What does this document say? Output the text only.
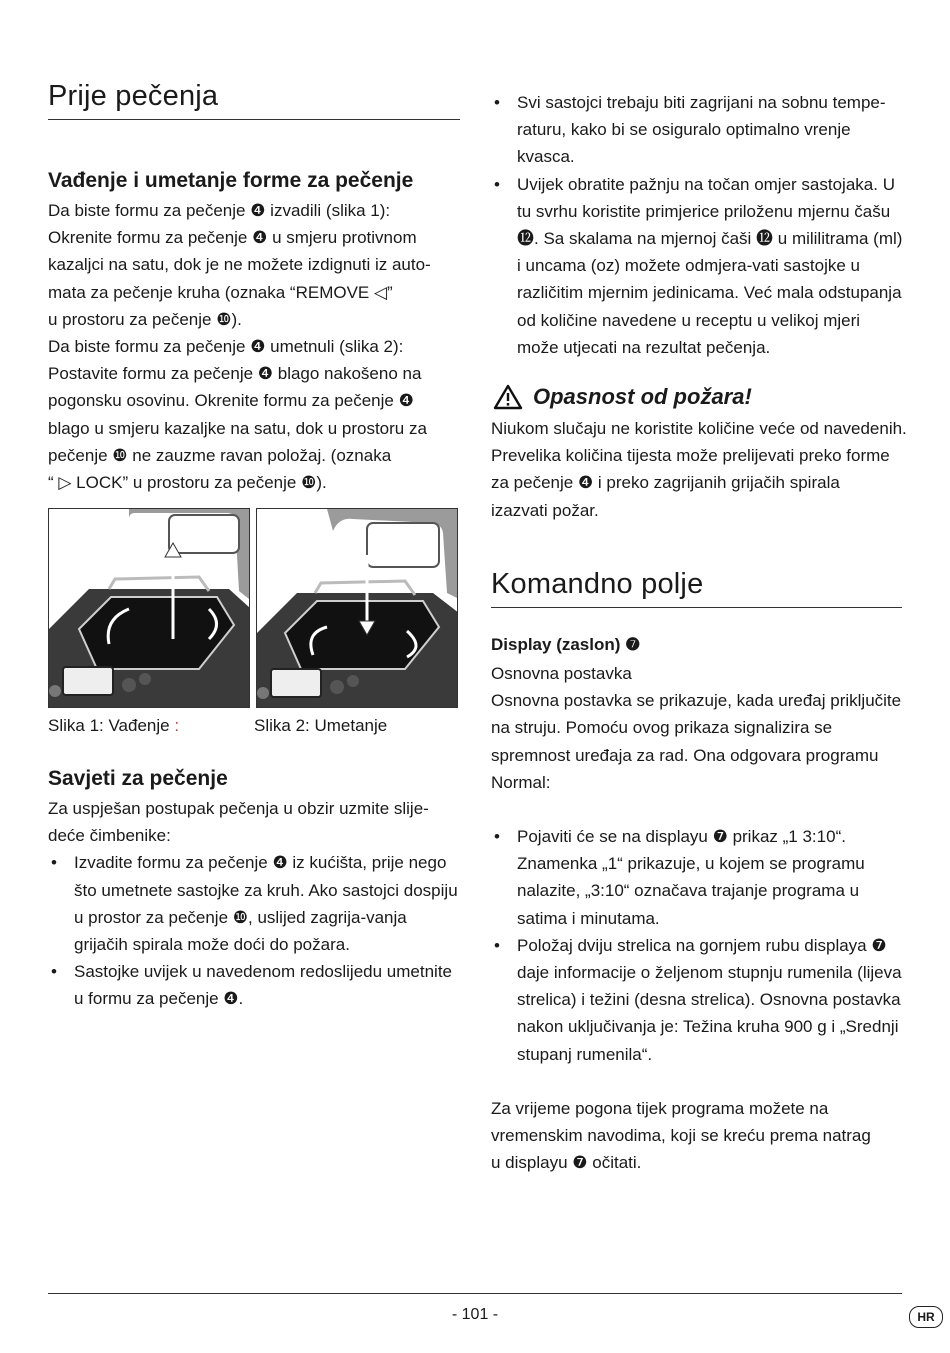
Prije pečenja
Vađenje i umetanje forme za pečenje

Da biste formu za pečenje ❹ izvadili (slika 1):

Okrenite formu za pečenje ❹ u smjeru protivnom

kazaljci na satu, dok je ne možete izdignuti iz auto-

mata za pečenje kruha (oznaka “REMOVE ◁”

u prostoru za pečenje ❿).

Da biste formu za pečenje ❹ umetnuli (slika 2):

Postavite formu za pečenje ❹ blago nakošeno na

pogonsku osovinu. Okrenite formu za pečenje ❹

blago u smjeru kazaljke na satu, dok u prostoru za

pečenje ❿ ne zauzme ravan položaj. (oznaka

“ ▷ LOCK” u prostoru za pečenje ❿).

Slika 1: Vađenje :	Slika 2: Umetanje
Savjeti za pečenje

Za uspješan postupak pečenja u obzir uzmite slije-

deće čimbenike:

• Izvadite formu za pečenje ❹ iz kućišta, prije nego što umetnete sastojke za kruh. Ako sastojci dospiju u prostor za pečenje ❿, uslijed zagrija-vanja grijačih spirala može doći do požara.
• Sastojke uvijek u navedenom redoslijedu umetnite u formu za pečenje ❹.
• Svi sastojci trebaju biti zagrijani na sobnu tempe-raturu, kako bi se osiguralo optimalno vrenje kvasca.
• Uvijek obratite pažnju na točan omjer sastojaka. U tu svrhu koristite primjerice priloženu mjernu čašu ⓬. Sa skalama na mjernoj čaši ⓬ u mililitrama (ml) i uncama (oz) možete odmjera-vati sastojke u različitim mjernim jedinicama. Već mala odstupanja od količine navedene u receptu u velikoj mjeri može utjecati na rezultat pečenja.
Opasnost od požara!

Niukom slučaju ne koristite količine veće od navedenih.

Prevelika količina tijesta može prelijevati preko forme

za pečenje ❹ i preko zagrijanih grijačih spirala

izazvati požar.

Komandno polje
Display (zaslon) ❼

Osnovna postavka

Osnovna postavka se prikazuje, kada uređaj priključite

na struju. Pomoću ovog prikaza signalizira se

spremnost uređaja za rad. Ona odgovara programu

Normal:

• Pojaviti će se na displayu ❼ prikaz „1 3:10“. Znamenka „1“ prikazuje, u kojem se programu nalazite, „3:10“ označava trajanje programa u satima i minutama.
• Položaj dviju strelica na gornjem rubu displaya ❼ daje informacije o željenom stupnju rumenila (lijeva strelica) i težini (desna strelica). Osnovna postavka nakon uključivanja je: Težina kruha 900 g i „Srednji stupanj rumenila“.

Za vrijeme pogona tijek programa možete na

vremenskim navodima, koji se kreću prema natrag

u displayu ❼ očitati.

- 101 -	HR
